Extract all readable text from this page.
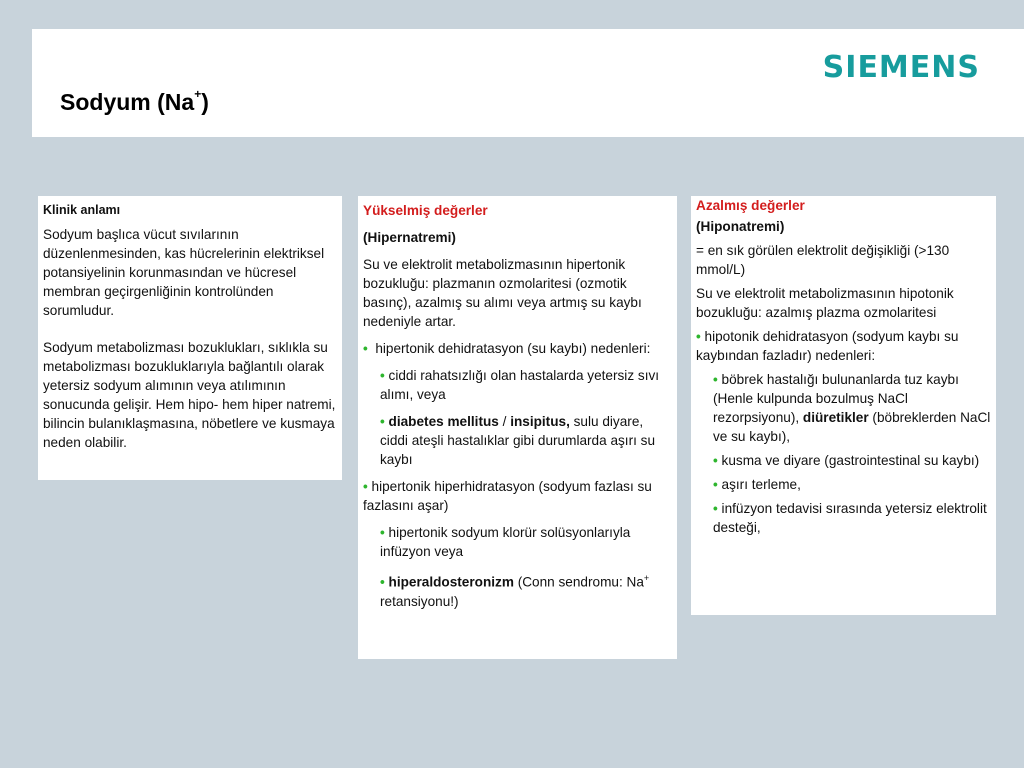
Sodyum (Na+)
SIEMENS
Klinik anlamı

Sodyum başlıca vücut sıvılarının düzenlenmesinden, kas hücrelerinin elektriksel potansiyelinin korunmasından ve hücresel membran geçirgenliğinin kontrolünden sorumludur.

Sodyum metabolizması bozuklukları, sıklıkla su metabolizması bozukluklarıyla bağlantılı olarak yetersiz sodyum alımının veya atılımının sonucunda gelişir. Hem hipo- hem hiper natremi, bilincin bulanıklaşmasına, nöbetlere ve kusmaya neden olabilir.

Yükselmiş değerler

(Hipernatremi)

Su ve elektrolit metabolizmasının hipertonik bozukluğu: plazmanın ozmolaritesi (ozmotik basınç), azalmış su alımı veya artmış su kaybı nedeniyle artar.

• hipertonik dehidratasyon (su kaybı) nedenleri:

• ciddi rahatsızlığı olan hastalarda yetersiz sıvı alımı, veya

• diabetes mellitus / insipitus, sulu diyare, ciddi ateşli hastalıklar gibi durumlarda aşırı su kaybı

• hipertonik hiperhidratasyon (sodyum fazlası su fazlasını aşar)

• hipertonik sodyum klorür solüsyonlarıyla infüzyon veya

• hiperaldosteronizm (Conn sendromu: Na+ retansiyonu!)

Azalmış değerler

(Hiponatremi)

= en sık görülen elektrolit değişikliği (>130 mmol/L)

Su ve elektrolit metabolizmasının hipotonik bozukluğu: azalmış plazma ozmolaritesi

• hipotonik dehidratasyon (sodyum kaybı su kaybından fazladır) nedenleri:

• böbrek hastalığı bulunanlarda tuz kaybı (Henle kulpunda bozulmuş NaCl rezorpsiyonu), diüretikler (böbreklerden NaCl ve su kaybı),

• kusma ve diyare (gastrointestinal su kaybı)

• aşırı terleme,

• infüzyon tedavisi sırasında yetersiz elektrolit desteği,
